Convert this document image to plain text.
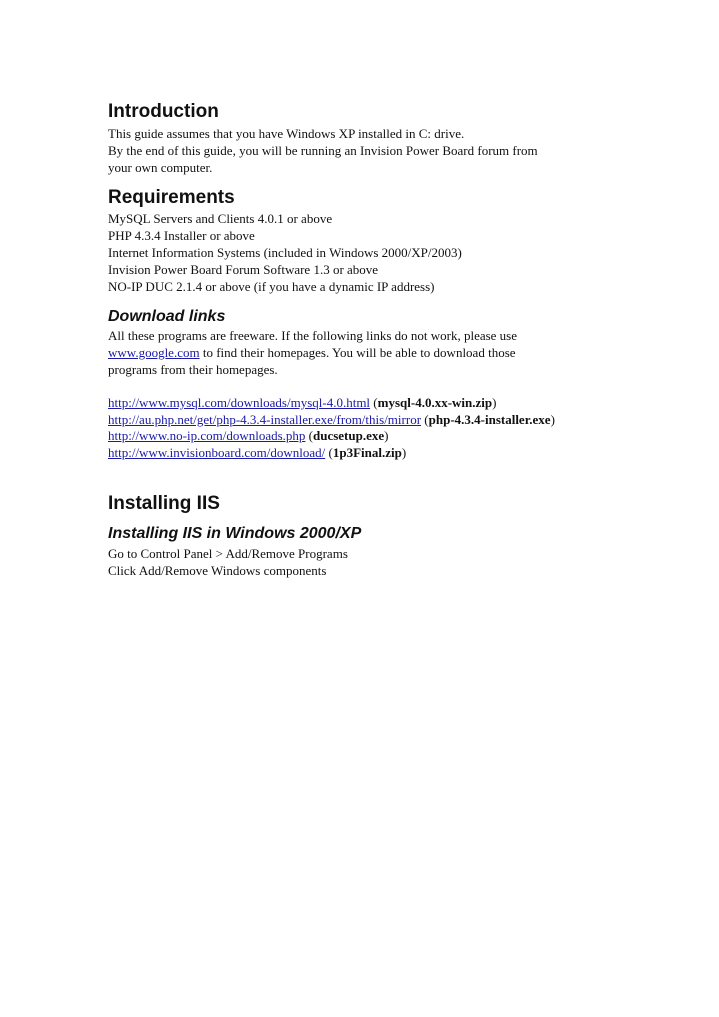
Introduction

This guide assumes that you have Windows XP installed in C: drive.
By the end of this guide, you will be running an Invision Power Board forum from
your own computer.

Requirements

MySQL Servers and Clients 4.0.1 or above
PHP 4.3.4 Installer or above
Internet Information Systems (included in Windows 2000/XP/2003)
Invision Power Board Forum Software 1.3 or above
NO-IP DUC 2.1.4 or above (if you have a dynamic IP address)

Download links

All these programs are freeware. If the following links do not work, please use
www.google.com to find their homepages. You will be able to download those
programs from their homepages.

http://www.mysql.com/downloads/mysql-4.0.html (mysql-4.0.xx-win.zip)
http://au.php.net/get/php-4.3.4-installer.exe/from/this/mirror (php-4.3.4-installer.exe)
http://www.no-ip.com/downloads.php (ducsetup.exe)
http://www.invisionboard.com/download/ (1p3Final.zip)

Installing IIS
Installing IIS in Windows 2000/XP

Go to Control Panel > Add/Remove Programs
Click Add/Remove Windows components
